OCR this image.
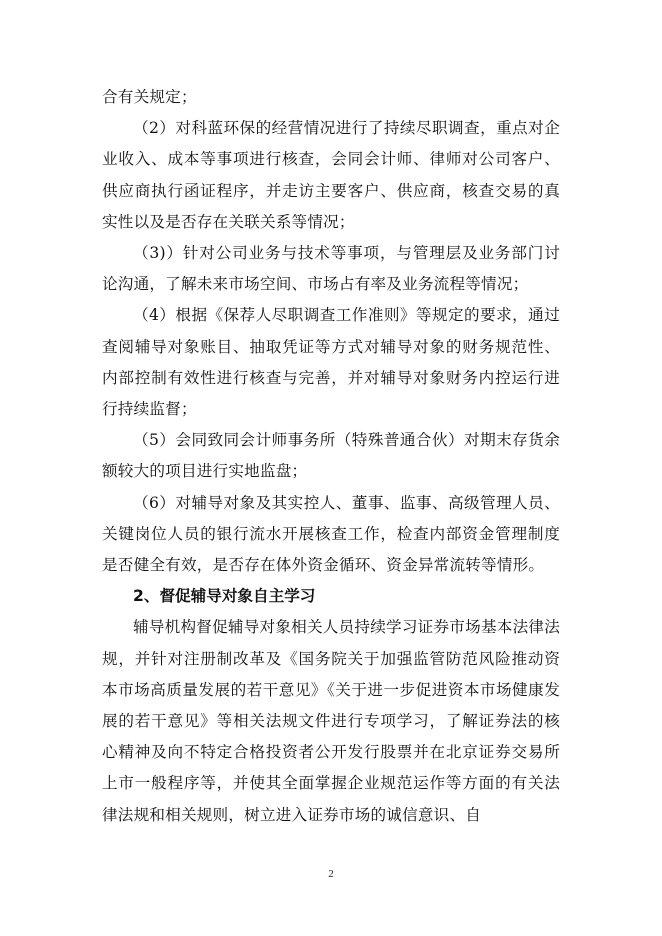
合有关规定；

（2）对科蓝环保的经营情况进行了持续尽职调查，重点对企业收入、成本等事项进行核查，会同会计师、律师对公司客户、供应商执行函证程序，并走访主要客户、供应商，核查交易的真实性以及是否存在关联关系等情况；

（3)）针对公司业务与技术等事项，与管理层及业务部门讨论沟通，了解未来市场空间、市场占有率及业务流程等情况；

（4）根据《保荐人尽职调查工作准则》等规定的要求，通过查阅辅导对象账目、抽取凭证等方式对辅导对象的财务规范性、内部控制有效性进行核查与完善，并对辅导对象财务内控运行进行持续监督；

（5）会同致同会计师事务所（特殊普通合伙）对期末存货余额较大的项目进行实地监盘；

（6）对辅导对象及其实控人、董事、监事、高级管理人员、关键岗位人员的银行流水开展核查工作，检查内部资金管理制度是否健全有效，是否存在体外资金循环、资金异常流转等情形。

2、督促辅导对象自主学习

辅导机构督促辅导对象相关人员持续学习证券市场基本法律法规，并针对注册制改革及《国务院关于加强监管防范风险推动资本市场高质量发展的若干意见》《关于进一步促进资本市场健康发展的若干意见》等相关法规文件进行专项学习，了解证券法的核心精神及向不特定合格投资者公开发行股票并在北京证券交易所上市一般程序等，并使其全面掌握企业规范运作等方面的有关法律法规和相关规则，树立进入证券市场的诚信意识、自

2
